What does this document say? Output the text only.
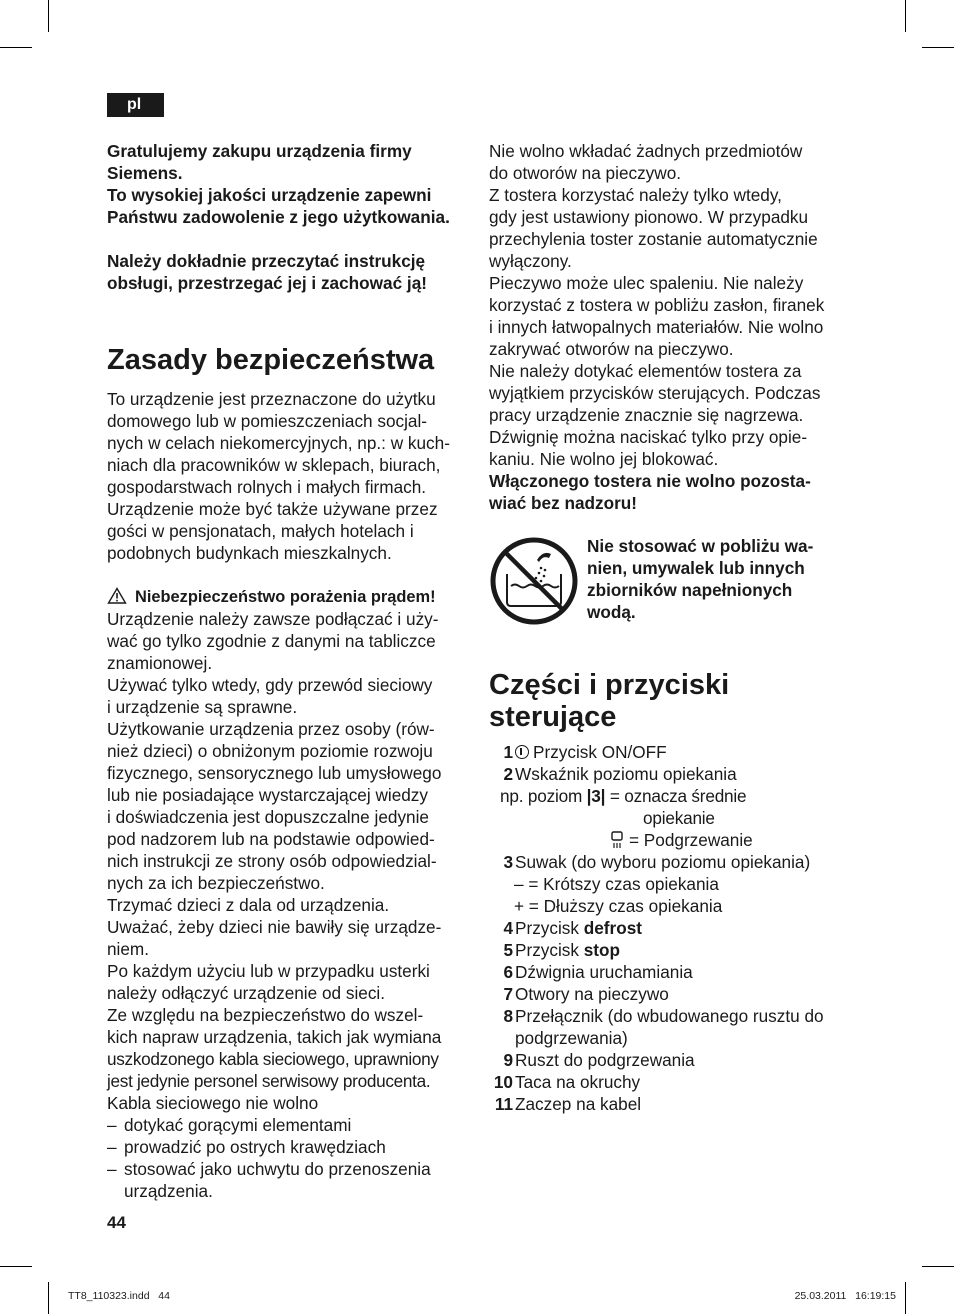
pl

Gratulujemy zakupu urządzenia firmy

Siemens.

To wysokiej jakości urządzenie zapewni

Państwu zadowolenie z jego użytkowania.

Należy dokładnie przeczytać instrukcję

obsługi, przestrzegać jej i zachować ją!

Zasady bezpieczeństwa

To urządzenie jest przeznaczone do użytku

domowego lub w pomieszczeniach socjal-

nych w celach niekomercyjnych, np.: w kuch-

niach dla pracowników w sklepach, biurach,

gospodarstwach rolnych i małych firmach.

Urządzenie może być także używane przez

gości w pensjonatach, małych hotelach i

podobnych budynkach mieszkalnych.

Niebezpieczeństwo porażenia prądem!

Urządzenie należy zawsze podłączać i uży-

wać go tylko zgodnie z danymi na tabliczce

znamionowej.

Używać tylko wtedy, gdy przewód sieciowy

i urządzenie są sprawne.

Użytkowanie urządzenia przez osoby (rów-

nież dzieci) o obniżonym poziomie rozwoju

fizycznego, sensorycznego lub umysłowego

lub nie posiadające wystarczającej wiedzy

i doświadczenia jest dopuszczalne jedynie

pod nadzorem lub na podstawie odpowied-

nich instrukcji ze strony osób odpowiedzial-

nych za ich bezpieczeństwo.

Trzymać dzieci z dala od urządzenia.

Uważać, żeby dzieci nie bawiły się urządze-

niem.

Po każdym użyciu lub w przypadku usterki

należy odłączyć urządzenie od sieci.

Ze względu na bezpieczeństwo do wszel-

kich napraw urządzenia, takich jak wymiana

uszkodzonego kabla sieciowego, uprawniony

jest jedynie personel serwisowy producenta.

Kabla sieciowego nie wolno

– dotykać gorącymi elementami
– prowadzić po ostrych krawędziach
– stosować jako uchwytu do przenoszenia urządzenia.
44

Nie wolno wkładać żadnych przedmiotów

do otworów na pieczywo.

Z tostera korzystać należy tylko wtedy,

gdy jest ustawiony pionowo. W przypadku

przechylenia toster zostanie automatycznie

wyłączony.

Pieczywo może ulec spaleniu. Nie należy

korzystać z tostera w pobliżu zasłon, firanek

i innych łatwopalnych materiałów. Nie wolno

zakrywać otworów na pieczywo.

Nie należy dotykać elementów tostera za

wyjątkiem przycisków sterujących. Podczas

pracy urządzenie znacznie się nagrzewa.

Dźwignię można naciskać tylko przy opie-

kaniu. Nie wolno jej blokować.

Włączonego tostera nie wolno pozosta-

wiać bez nadzoru!

Nie stosować w pobliżu wa-

nien, umywalek lub innych

zbiorników napełnionych

wodą.

Części i przyciski
sterujące
1	Przycisk ON/OFF
2 Wskaźnik poziomu opiekania
np. poziom |3|
= oznacza średnie
opiekanie
= Podgrzewanie
3 Suwak (do wyboru poziomu opiekania)
– = Krótszy czas opiekania
+ = Dłuższy czas opiekania
4 Przycisk defrost
5 Przycisk stop
6 Dźwignia uruchamiania
7 Otwory na pieczywo
8 Przełącznik (do wbudowanego rusztu do podgrzewania)
9 Ruszt do podgrzewania
10 Taca na okruchy
11 Zaczep na kabel
TT8_110323.indd   44	25.03.2011   16:19:15
